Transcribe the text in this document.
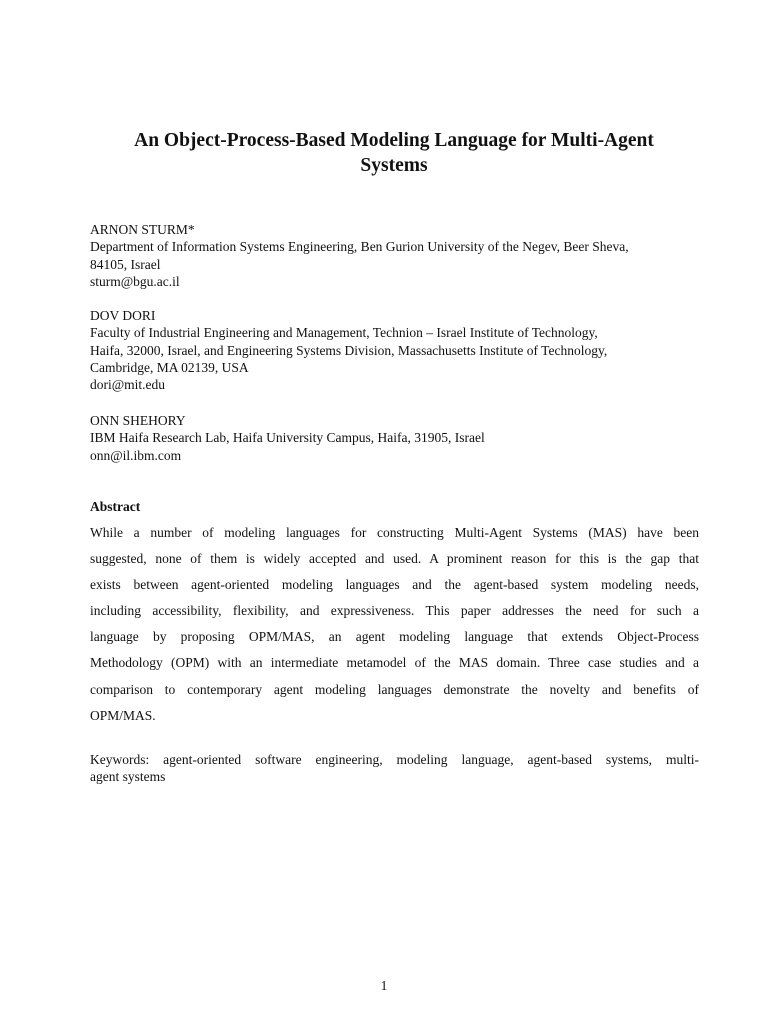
An Object-Process-Based Modeling Language for Multi-Agent
Systems
ARNON STURM*
Department of Information Systems Engineering, Ben Gurion University of the Negev, Beer Sheva,
84105, Israel
sturm@bgu.ac.il
DOV DORI
Faculty of Industrial Engineering and Management, Technion – Israel Institute of Technology,
Haifa, 32000, Israel, and Engineering Systems Division, Massachusetts Institute of Technology,
Cambridge, MA 02139, USA
dori@mit.edu
ONN SHEHORY
IBM Haifa Research Lab, Haifa University Campus, Haifa, 31905, Israel
onn@il.ibm.com
Abstract
While a number of modeling languages for constructing Multi-Agent Systems (MAS) have been
suggested, none of them is widely accepted and used. A prominent reason for this is the gap that
exists between agent-oriented modeling languages and the agent-based system modeling needs,
including accessibility, flexibility, and expressiveness. This paper addresses the need for such a
language by proposing OPM/MAS, an agent modeling language that extends Object-Process
Methodology (OPM) with an intermediate metamodel of the MAS domain. Three case studies and a
comparison to contemporary agent modeling languages demonstrate the novelty and benefits of
OPM/MAS.
Keywords: agent-oriented software engineering, modeling language, agent-based systems, multi-
agent systems
1
